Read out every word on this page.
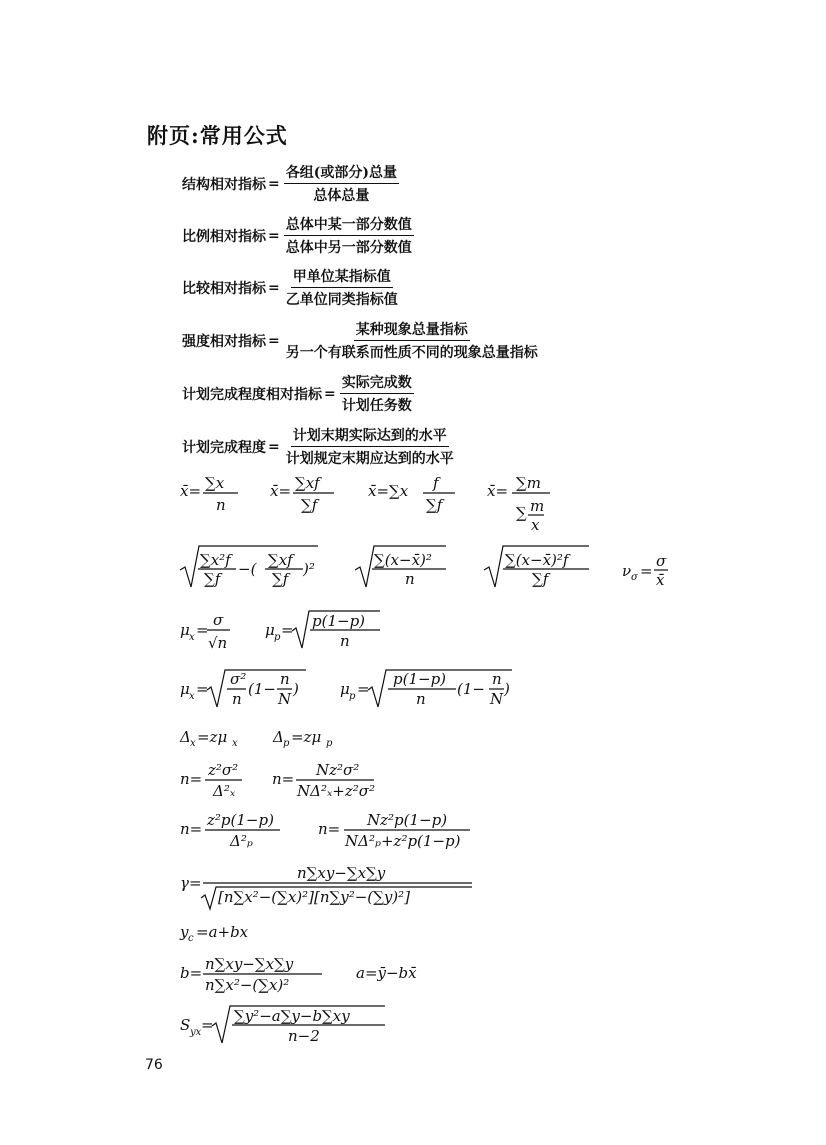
附页:常用公式
结构相对指标 = $\frac{\text{各组(或部分)总量}}{\text{总体总量}}$
比例相对指标 = $\frac{\text{总体中某一部分数值}}{\text{总体中另一部分数值}}$
比较相对指标 = $\frac{\text{甲单位某指标值}}{\text{乙单位同类指标值}}$
强度相对指标 = $\frac{\text{某种现象总量指标}}{\text{另一个有联系而性质不同的现象总量指标}}$
计划完成程度相对指标 = $\frac{\text{实际完成数}}{\text{计划任务数}}$
计划完成程度 = $\frac{\text{计划末期实际达到的水平}}{\text{计划规定末期应达到的水平}}$
x̄= ∑x
n
x̄= ∑xf
∑f
x̄=∑x f
∑f
x̄= ∑m
∑ m
x
∑x²f
∑f
−( ∑xf
∑f
)²	∑(x−x̄)²
n
∑(x−x̄)²f
∑f	ν σ =
σ
x̄
μ x =
σ
√n
μ p = p(1−p)
n
μ x =
σ²
n
(1−
n
N
)	μ p =
p(1−p)
n
(1−
n
N
)
Δ x =zμ x Δ p =zμ p
n= z²σ²
Δ²ₓ
n= Nz²σ²
NΔ²ₓ+z²σ²
n= z²p(1−p)
Δ²ₚ
n= Nz²p(1−p)
NΔ²ₚ+z²p(1−p)
γ=
n∑xy−∑x∑y
[n∑x²−(∑x)²][n∑y²−(∑y)²]
y c =a+bx
b= n∑xy−∑x∑y
n∑x²−(∑x)²
a=ȳ−bx̄
S yx = ∑y²−a∑y−b∑xy
n−2
76
